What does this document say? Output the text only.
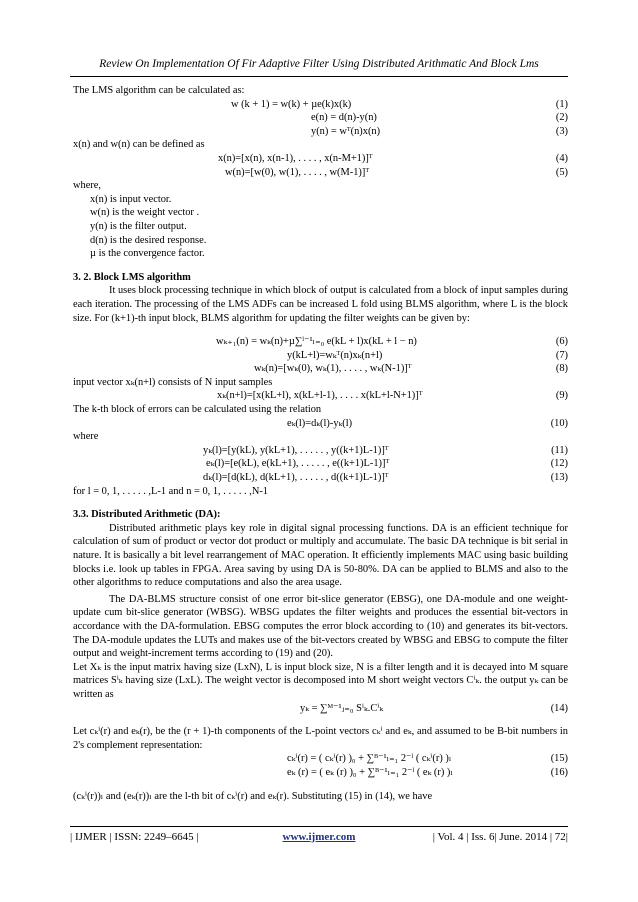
Review On Implementation Of Fir Adaptive Filter Using Distributed Arithmatic And Block Lms

The LMS algorithm can be calculated as:

w (k + 1) = w(k) + µe(k)x(k)	(1)
e(n) = d(n)-y(n)	(2)
y(n) = wᵀ(n)x(n)	(3)

x(n) and w(n) can be defined as

x(n)=[x(n), x(n-1), . . . . , x(n-M+1)]ᵀ	(4)
w(n)=[w(0), w(1), . . . . , w(M-1)]ᵀ	(5)

where,

x(n) is input vector.

w(n) is the weight vector .

y(n) is the filter output.

d(n) is the desired response.

µ is the convergence factor.

3. 2. Block LMS algorithm

It uses block processing technique in which block of output is calculated from a block of input samples during each iteration. The processing of the LMS ADFs can be increased L fold using BLMS algorithm, where L is the block size. For (k+1)-th input block, BLMS algorithm for updating the filter weights can be given by:

wₖ₊₁(n) = wₖ(n)+µ∑ˡ⁻¹ₗ₌₀ e(kL + l)x(kL + l − n)	(6)
y(kL+l)=wₖᵀ(n)xₖ(n+l)	(7)
wₖ(n)=[wₖ(0), wₖ(1), . . . . , wₖ(N-1)]ᵀ	(8)

input vector xₖ(n+l) consists of N input samples

xₖ(n+l)=[x(kL+l), x(kL+l-1), . . . . x(kL+l-N+1)]ᵀ	(9)

The k-th block of errors can be calculated using the relation

eₖ(l)=dₖ(l)-yₖ(l)	(10)

where

yₖ(l)=[y(kL), y(kL+1), . . . . . , y((k+1)L-1)]ᵀ	(11)
eₖ(l)=[e(kL), e(kL+1), . . . . . , e((k+1)L-1)]ᵀ	(12)
dₖ(l)=[d(kL), d(kL+1), . . . . . , d((k+1)L-1)]ᵀ	(13)

for l = 0, 1, . . . . . ,L-1 and n = 0, 1, . . . . . ,N-1

3.3. Distributed Arithmetic (DA):

Distributed arithmetic plays key role in digital signal processing functions. DA is an efficient technique for calculation of sum of product or vector dot product or multiply and accumulate. The basic DA technique is bit serial in nature. It is basically a bit level rearrangement of MAC operation. It efficiently implements MAC using basic building blocks i.e. look up tables in FPGA. Area saving by using DA is 50-80%. DA can be applied to BLMS and also to the other algorithms to reduce computations and also the area usage.

The DA-BLMS structure consist of one error bit-slice generator (EBSG), one DA-module and one weight-update cum bit-slice generator (WBSG). WBSG updates the filter weights and produces the essential bit-vectors in accordance with the DA-formulation. EBSG computes the error block according to (10) and generates its bit-vectors. The DA-module updates the LUTs and makes use of the bit-vectors created by WBSG and EBSG to compute the filter output and weight-increment terms according to (19) and (20).

Let Xₖ is the input matrix having size (LxN), L is input block size, N is a filter length and it is decayed into M square matrices Sⁱₖ having size (LxL). The weight vector is decomposed into M short weight vectors Cⁱₖ. the output yₖ can be written as

yₖ = ∑ᴹ⁻¹ⱼ₌₀ Sⁱₖ.Cⁱₖ	(14)

Let cₖⁱ(r) and eₖ(r), be the (r + 1)-th components of the L-point vectors cₖⁱ and eₖ, and assumed to be B-bit numbers in 2's complement representation:

cₖⁱ(r) = ( cₖⁱ(r) )₀ + ∑ᴮ⁻¹ₗ₌₁ 2⁻ˡ ( cₖⁱ(r) )ₗ	(15)
eₖ (r) = ( eₖ (r) )₀ + ∑ᴮ⁻¹ₗ₌₁ 2⁻ˡ ( eₖ (r) )ₗ	(16)

(cₖⁱ(r))ₗ and (eₖ(r))ₗ are the l-th bit of cₖⁱ(r) and eₖ(r). Substituting (15) in (14), we have

| IJMER | ISSN: 2249–6645 |	www.ijmer.com	| Vol. 4 | Iss. 6| June. 2014 | 72|
